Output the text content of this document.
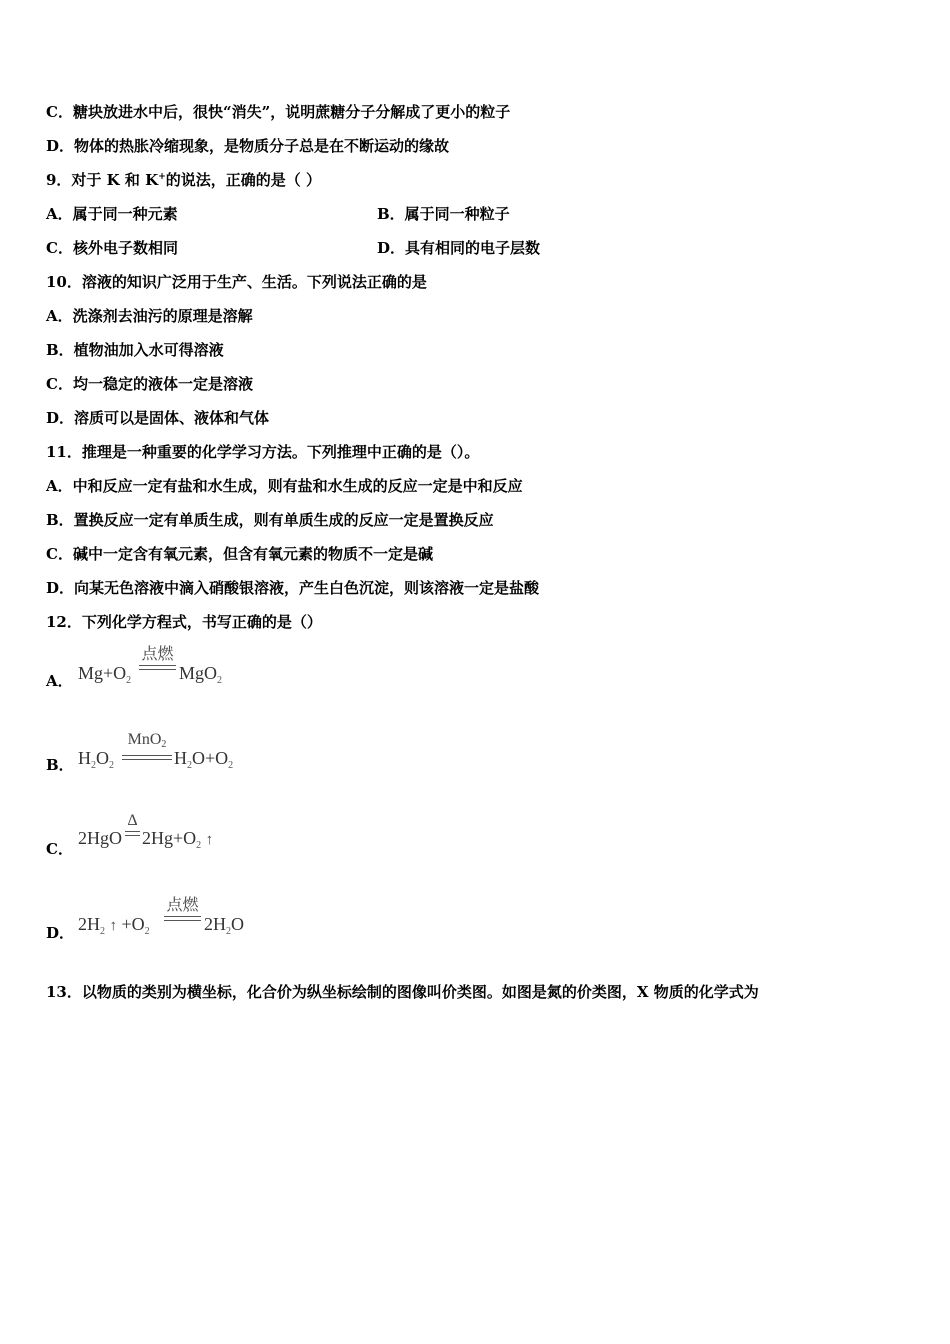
C．糖块放进水中后，很快“消失”，说明蔗糖分子分解成了更小的粒子
D．物体的热胀冷缩现象，是物质分子总是在不断运动的缘故
9．对于 K 和 K+的说法，正确的是（ ）
A．属于同一种元素	B．属于同一种粒子
C．核外电子数相同	D．具有相同的电子层数
10．溶液的知识广泛用于生产、生活。下列说法正确的是
A．洗涤剂去油污的原理是溶解
B．植物油加入水可得溶液
C．均一稳定的液体一定是溶液
D．溶质可以是固体、液体和气体
11．推理是一种重要的化学学习方法。下列推理中正确的是（）。
A．中和反应一定有盐和水生成，则有盐和水生成的反应一定是中和反应
B．置换反应一定有单质生成，则有单质生成的反应一定是置换反应
C．碱中一定含有氧元素，但含有氧元素的物质不一定是碱
D．向某无色溶液中滴入硝酸银溶液，产生白色沉淀，则该溶液一定是盐酸
12．下列化学方程式，书写正确的是（）
A． $Mg+O_2$
点燃
MgO$_2$
B． $H_2O_2$
MnO$_2$
$H_2O+O_2$
C．
2HgO
Δ
$2Hg+O_2$ ↑
D． $2H_2$ ↑ $+O_2$
点燃
$2H_2O$
13．以物质的类别为横坐标，化合价为纵坐标绘制的图像叫价类图。如图是氮的价类图，X 物质的化学式为
